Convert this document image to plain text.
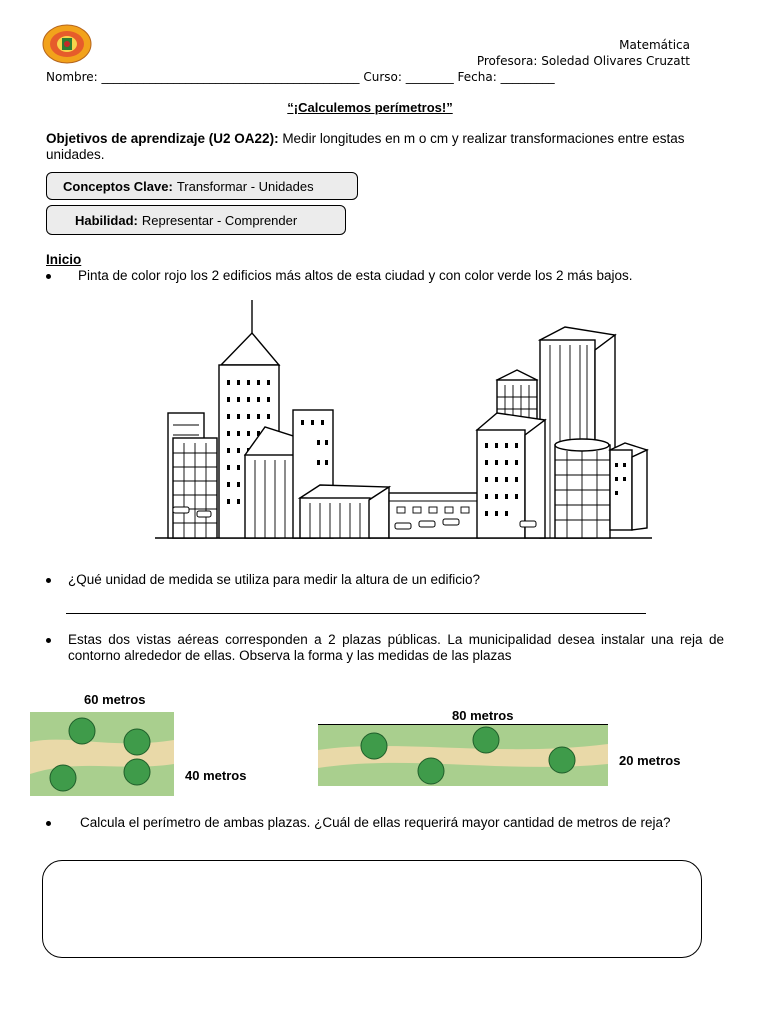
Matemática
Profesora: Soledad Olivares Cruzatt
Nombre: ___________________________________________ Curso: ________ Fecha: _________
“¡Calculemos perímetros!”
Objetivos de aprendizaje (U2 OA22): Medir longitudes en m o cm y realizar transformaciones entre estas unidades.
Conceptos Clave: Transformar - Unidades
Habilidad: Representar - Comprender
Inicio
Pinta de color rojo los 2 edificios más altos de esta ciudad y con color verde los 2 más bajos.
¿Qué unidad de medida se utiliza para medir la altura de un edificio?
Estas dos vistas aéreas corresponden a 2 plazas públicas. La municipalidad desea instalar una reja de contorno alrededor de ellas. Observa la forma y las medidas de las plazas
60 metros
40 metros
80 metros
20 metros
Calcula el perímetro de ambas plazas. ¿Cuál de ellas requerirá mayor cantidad de metros de reja?
